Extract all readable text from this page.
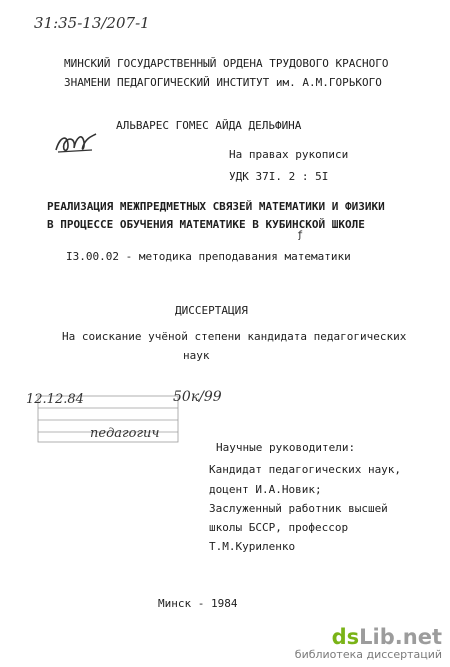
31:35-13/207-1
МИНСКИЙ ГОСУДАРСТВЕННЫЙ ОРДЕНА ТРУДОВОГО КРАСНОГО
ЗНАМЕНИ ПЕДАГОГИЧЕСКИЙ ИНСТИТУТ им. А.М.ГОРЬКОГО
АЛЬВАРЕС ГОМЕС АЙДА ДЕЛЬФИНА
На правах рукописи
УДК 37I. 2 : 5I
РЕАЛИЗАЦИЯ МЕЖПРЕДМЕТНЫХ СВЯЗЕЙ МАТЕМАТИКИ И ФИЗИКИ
В ПРОЦЕССЕ ОБУЧЕНИЯ МАТЕМАТИКЕ В КУБИНСКОЙ ШКОЛЕ
ƒ
I3.00.02 - методика преподавания математики
ДИССЕРТАЦИЯ
На соискание учёной степени кандидата педагогических
наук
12.12.84	50к/99
педагогич
Научные руководители:
Кандидат педагогических наук,
доцент И.А.Новик;
Заслуженный работник высшей
школы БССР, профессор
Т.М.Куриленко
Минск - 1984
dsLib.net
библиотека диссертаций
